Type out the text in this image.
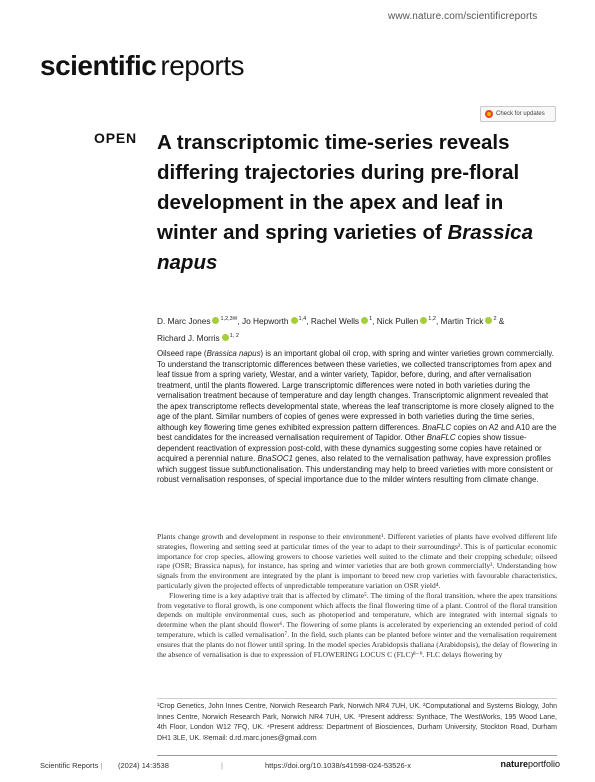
www.nature.com/scientificreports
scientific reports
Check for updates
OPEN A transcriptomic time-series reveals differing trajectories during pre-floral development in the apex and leaf in winter and spring varieties of Brassica napus
D. Marc Jones $^{1,2,3✉}$, Jo Hepworth $^{1,4}$, Rachel Wells $^1$, Nick Pullen $^{1,2}$, Martin Trick $^2$ &
Richard J. Morris $^{1, 2}$
Oilseed rape (Brassica napus) is an important global oil crop, with spring and winter varieties grown commercially. To understand the transcriptomic differences between these varieties, we collected transcriptomes from apex and leaf tissue from a spring variety, Westar, and a winter variety, Tapidor, before, during, and after vernalisation treatment, until the plants flowered. Large transcriptomic differences were noted in both varieties during the vernalisation treatment because of temperature and day length changes. Transcriptomic alignment revealed that the apex transcriptome reflects developmental state, whereas the leaf transcriptome is more closely aligned to the age of the plant. Similar numbers of copies of genes were expressed in both varieties during the time series, although key flowering time genes exhibited expression pattern differences. BnaFLC copies on A2 and A10 are the best candidates for the increased vernalisation requirement of Tapidor. Other BnaFLC copies show tissue-dependent reactivation of expression post-cold, with these dynamics suggesting some copies have retained or acquired a perennial nature. BnaSOC1 genes, also related to the vernalisation pathway, have expression profiles which suggest tissue subfunctionalisation. This understanding may help to breed varieties with more consistent or robust vernalisation responses, of special importance due to the milder winters resulting from climate change.

Plants change growth and development in response to their environment¹. Different varieties of plants have evolved different life strategies, flowering and setting seed at particular times of the year to adapt to their surroundings². This is of particular economic importance for crop species, allowing growers to choose varieties well suited to the climate and their cropping schedule; oilseed rape (OSR; Brassica napus), for instance, has spring and winter varieties that are both grown commercially³. Understanding how signals from the environment are integrated by the plant is important to breed new crop varieties with favourable characteristics, particularly given the projected effects of unpredictable temperature variation on OSR yield⁴.

Flowering time is a key adaptive trait that is affected by climate⁵. The timing of the floral transition, where the apex transitions from vegetative to floral growth, is one component which affects the final flowering time of a plant. Control of the floral transition depends on multiple environmental cues, such as photoperiod and temperature, which are integrated with internal signals to determine when the plant should flower⁶. The flowering of some plants is accelerated by experiencing an extended period of cold temperature, which is called vernalisation⁷. In the field, such plants can be planted before winter and the vernalisation requirement ensures that the plants do not flower until spring. In the model species Arabidopsis thaliana (Arabidopsis), the delay of flowering in the absence of vernalisation is due to expression of FLOWERING LOCUS C (FLC)⁸⁻⁹. FLC delays flowering by

¹Crop Genetics, John Innes Centre, Norwich Research Park, Norwich NR4 7UH, UK. ²Computational and Systems Biology, John Innes Centre, Norwich Research Park, Norwich NR4 7UH, UK. ³Present address: Synthace, The WestWorks, 195 Wood Lane, 4th Floor, London W12 7FQ, UK. ⁴Present address: Department of Biosciences, Durham University, Stockton Road, Durham DH1 3LE, UK. ✉email: d.rd.marc.jones@gmail.com
Scientific Reports | (2024) 14:3538                         |	https://doi.org/10.1038/s41598-024-53526-x	natureportfolio
